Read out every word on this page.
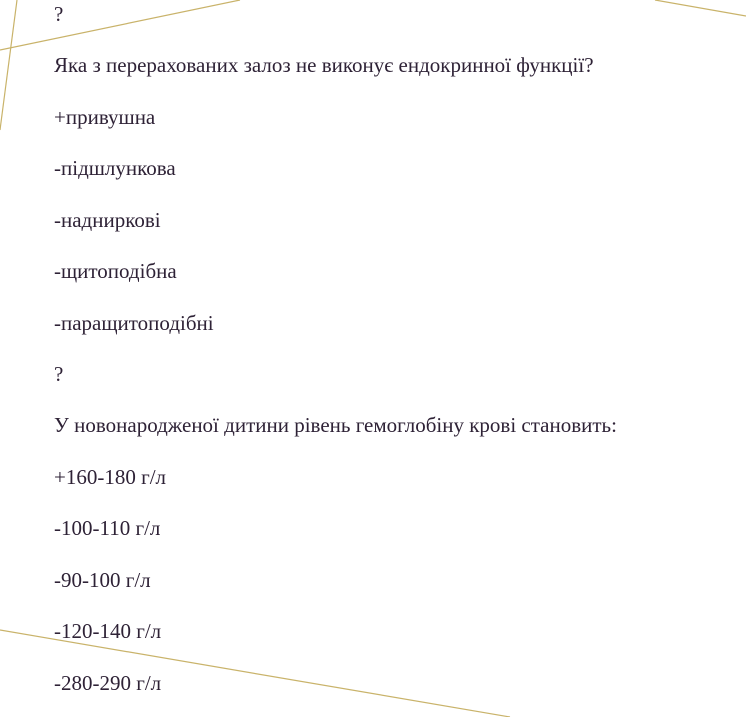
?
Яка з перерахованих залоз не виконує ендокринної функції?
+привушна
-підшлункова
-наднирковi
-щитоподібна
-паращитоподібні
?
У новонародженої дитини рівень гемоглобіну крові становить:
+160-180 г/л
-100-110 г/л
-90-100 г/л
-120-140 г/л
-280-290 г/л
